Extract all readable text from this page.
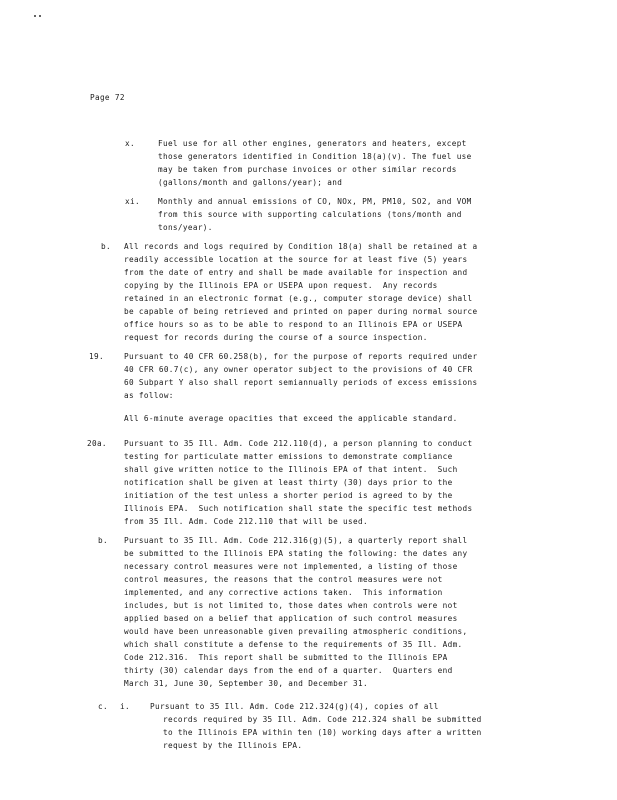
Page 72
x.	Fuel use for all other engines, generators and heaters, except
those generators identified in Condition 18(a)(v). The fuel use
may be taken from purchase invoices or other similar records
(gallons/month and gallons/year); and
xi. Monthly and annual emissions of CO, NOx, PM, PM10, SO2, and VOM
from this source with supporting calculations (tons/month and
tons/year).
b. All records and logs required by Condition 18(a) shall be retained at a
readily accessible location at the source for at least five (5) years
from the date of entry and shall be made available for inspection and
copying by the Illinois EPA or USEPA upon request.  Any records
retained in an electronic format (e.g., computer storage device) shall
be capable of being retrieved and printed on paper during normal source
office hours so as to be able to respond to an Illinois EPA or USEPA
request for records during the course of a source inspection.
19.	Pursuant to 40 CFR 60.258(b), for the purpose of reports required under
40 CFR 60.7(c), any owner operator subject to the provisions of 40 CFR
60 Subpart Y also shall report semiannually periods of excess emissions
as follow:
All 6-minute average opacities that exceed the applicable standard.
20a. Pursuant to 35 Ill. Adm. Code 212.110(d), a person planning to conduct
testing for particulate matter emissions to demonstrate compliance
shall give written notice to the Illinois EPA of that intent.  Such
notification shall be given at least thirty (30) days prior to the
initiation of the test unless a shorter period is agreed to by the
Illinois EPA.  Such notification shall state the specific test methods
from 35 Ill. Adm. Code 212.110 that will be used.
b. Pursuant to 35 Ill. Adm. Code 212.316(g)(5), a quarterly report shall
be submitted to the Illinois EPA stating the following: the dates any
necessary control measures were not implemented, a listing of those
control measures, the reasons that the control measures were not
implemented, and any corrective actions taken.  This information
includes, but is not limited to, those dates when controls were not
applied based on a belief that application of such control measures
would have been unreasonable given prevailing atmospheric conditions,
which shall constitute a defense to the requirements of 35 Ill. Adm.
Code 212.316.  This report shall be submitted to the Illinois EPA
thirty (30) calendar days from the end of a quarter.  Quarters end
March 31, June 30, September 30, and December 31.
c. i.	Pursuant to 35 Ill. Adm. Code 212.324(g)(4), copies of all
records required by 35 Ill. Adm. Code 212.324 shall be submitted
to the Illinois EPA within ten (10) working days after a written
request by the Illinois EPA.
